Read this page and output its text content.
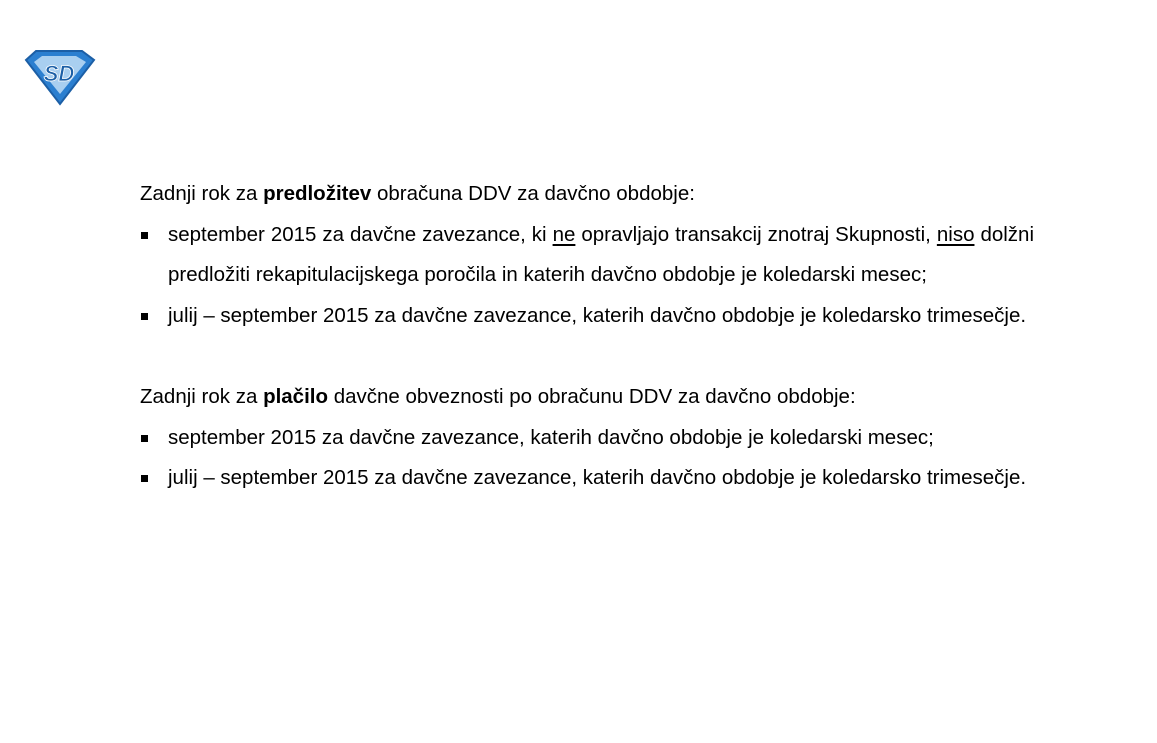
SD

Zadnji rok za predložitev obračuna DDV za davčno obdobje:

september 2015 za davčne zavezance, ki ne opravljajo transakcij znotraj Skupnosti, niso dolžni predložiti rekapitulacijskega poročila in katerih davčno obdobje je koledarski mesec;
julij – september 2015 za davčne zavezance, katerih davčno obdobje je koledarsko trimesečje.

Zadnji rok za plačilo davčne obveznosti po obračunu DDV za davčno obdobje:

september 2015 za davčne zavezance, katerih davčno obdobje je koledarski mesec;
julij – september 2015 za davčne zavezance, katerih davčno obdobje je koledarsko trimesečje.
